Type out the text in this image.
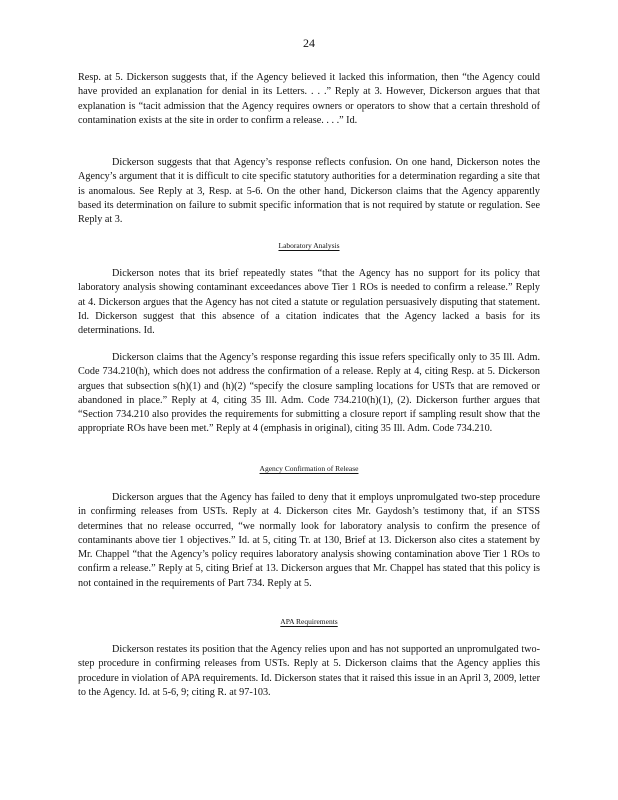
24

Resp. at 5. Dickerson suggests that, if the Agency believed it lacked this information, then “the Agency could have provided an explanation for denial in its Letters. . . .” Reply at 3. However, Dickerson argues that that explanation is “tacit admission that the Agency requires owners or operators to show that a certain threshold of contamination exists at the site in order to confirm a release. . . .” Id.

Dickerson suggests that that Agency’s response reflects confusion. On one hand, Dickerson notes the Agency’s argument that it is difficult to cite specific statutory authorities for a determination regarding a site that is anomalous. See Reply at 3, Resp. at 5-6. On the other hand, Dickerson claims that the Agency apparently based its determination on failure to submit specific information that is not required by statute or regulation. See Reply at 3.

Laboratory Analysis

Dickerson notes that its brief repeatedly states “that the Agency has no support for its policy that laboratory analysis showing contaminant exceedances above Tier 1 ROs is needed to confirm a release.” Reply at 4. Dickerson argues that the Agency has not cited a statute or regulation persuasively disputing that statement. Id. Dickerson suggest that this absence of a citation indicates that the Agency lacked a basis for its determinations. Id.

Dickerson claims that the Agency’s response regarding this issue refers specifically only to 35 Ill. Adm. Code 734.210(h), which does not address the confirmation of a release. Reply at 4, citing Resp. at 5. Dickerson argues that subsection s(h)(1) and (h)(2) “specify the closure sampling locations for USTs that are removed or abandoned in place.” Reply at 4, citing 35 Ill. Adm. Code 734.210(h)(1), (2). Dickerson further argues that “Section 734.210 also provides the requirements for submitting a closure report if sampling result show that the appropriate ROs have been met.” Reply at 4 (emphasis in original), citing 35 Ill. Adm. Code 734.210.

Agency Confirmation of Release

Dickerson argues that the Agency has failed to deny that it employs unpromulgated two-step procedure in confirming releases from USTs. Reply at 4. Dickerson cites Mr. Gaydosh’s testimony that, if an STSS determines that no release occurred, “we normally look for laboratory analysis to confirm the presence of contaminants above tier 1 objectives.” Id. at 5, citing Tr. at 130, Brief at 13. Dickerson also cites a statement by Mr. Chappel “that the Agency’s policy requires laboratory analysis showing contamination above Tier 1 ROs to confirm a release.” Reply at 5, citing Brief at 13. Dickerson argues that Mr. Chappel has stated that this policy is not contained in the requirements of Part 734. Reply at 5.

APA Requirements

Dickerson restates its position that the Agency relies upon and has not supported an unpromulgated two-step procedure in confirming releases from USTs. Reply at 5. Dickerson claims that the Agency applies this procedure in violation of APA requirements. Id. Dickerson states that it raised this issue in an April 3, 2009, letter to the Agency. Id. at 5-6, 9; citing R. at 97-103.
